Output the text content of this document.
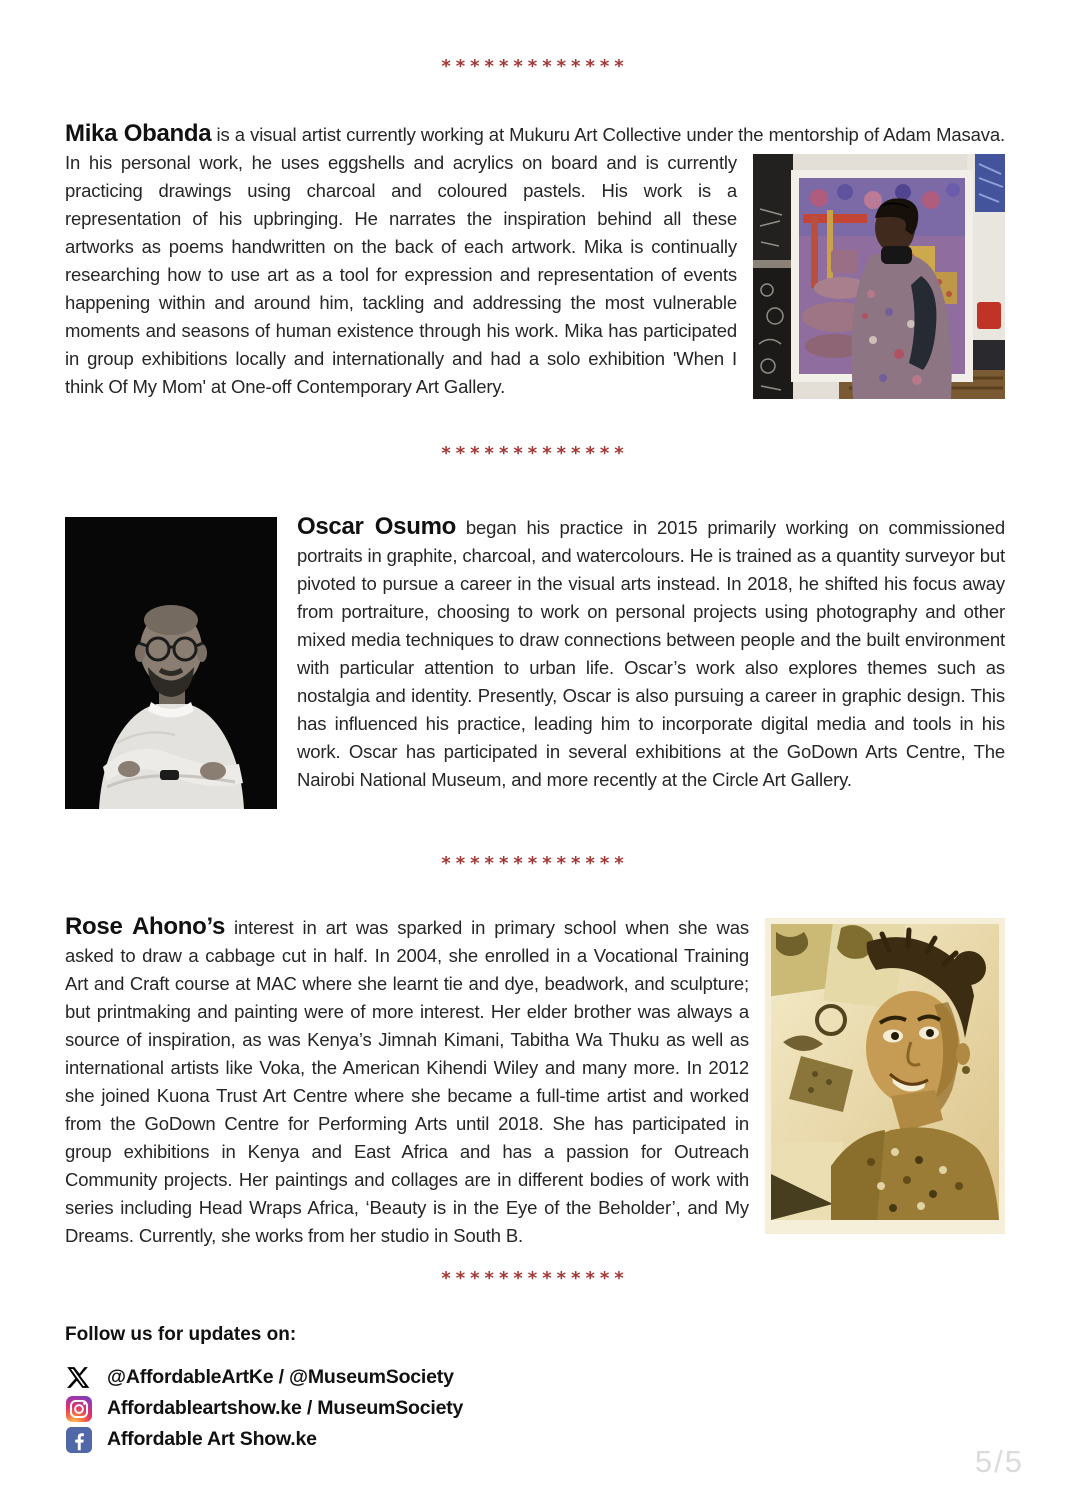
*************

Mika Obanda is a visual artist currently working at Mukuru Art Collective under the mentorship of Adam Masava. In his personal work, he uses eggshells and acrylics on board and is currently practicing drawings using charcoal and coloured pastels. His work is a representation of his upbringing. He narrates the inspiration behind all these artworks as poems handwritten on the back of each artwork. Mika is continually researching how to use art as a tool for expression and representation of events happening within and around him, tackling and addressing the most vulnerable moments and seasons of human existence through his work. Mika has participated in group exhibitions locally and internationally and had a solo exhibition 'When I think Of My Mom' at One-off Contemporary Art Gallery.

*************

Oscar Osumo began his practice in 2015 primarily working on commissioned portraits in graphite, charcoal, and watercolours. He is trained as a quantity surveyor but pivoted to pursue a career in the visual arts instead. In 2018, he shifted his focus away from portraiture, choosing to work on personal projects using photography and other mixed media techniques to draw connections between people and the built environment with particular attention to urban life. Oscar’s work also explores themes such as nostalgia and identity. Presently, Oscar is also pursuing a career in graphic design. This has influenced his practice, leading him to incorporate digital media and tools in his work. Oscar has participated in several exhibitions at the GoDown Arts Centre, The Nairobi National Museum, and more recently at the Circle Art Gallery.

*************

Rose Ahono’s interest in art was sparked in primary school when she was asked to draw a cabbage cut in half. In 2004, she enrolled in a Vocational Training Art and Craft course at MAC where she learnt tie and dye, beadwork, and sculpture; but printmaking and painting were of more interest. Her elder brother was always a source of inspiration, as was Kenya’s Jimnah Kimani, Tabitha Wa Thuku as well as international artists like Voka, the American Kihendi Wiley and many more. In 2012 she joined Kuona Trust Art Centre where she became a full-time artist and worked from the GoDown Centre for Performing Arts until 2018. She has participated in group exhibitions in Kenya and East Africa and has a passion for Outreach Community projects. Her paintings and collages are in different bodies of work with series including Head Wraps Africa, ‘Beauty is in the Eye of the Beholder’, and My Dreams. Currently, she works from her studio in South B.

*************
Follow us for updates on:
@AffordableArtKe / @MuseumSociety
Affordableartshow.ke / MuseumSociety
Affordable Art Show.ke
5/5
